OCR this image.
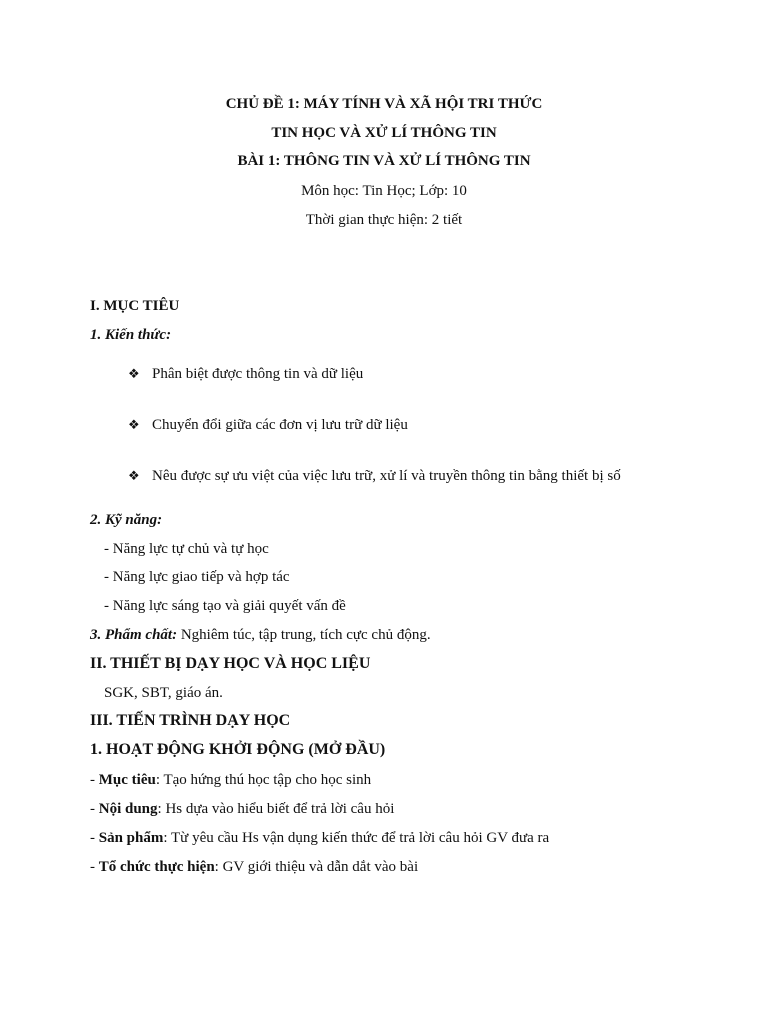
CHỦ ĐỀ 1: MÁY TÍNH VÀ XÃ HỘI TRI THỨC
TIN HỌC VÀ XỬ LÍ THÔNG TIN
BÀI 1: THÔNG TIN VÀ XỬ LÍ THÔNG TIN
Môn học: Tin Học; Lớp: 10
Thời gian thực hiện: 2 tiết
I. MỤC TIÊU
1. Kiến thức:
❖ Phân biệt được thông tin và dữ liệu
❖ Chuyển đổi giữa các đơn vị lưu trữ dữ liệu
❖ Nêu được sự ưu việt của việc lưu trữ, xử lí và truyền thông tin bằng thiết bị số
2. Kỹ năng:
- Năng lực tự chủ và tự học
- Năng lực giao tiếp và hợp tác
- Năng lực sáng tạo và giải quyết vấn đề
3. Phẩm chất: Nghiêm túc, tập trung, tích cực chủ động.
II. THIẾT BỊ DẠY HỌC VÀ HỌC LIỆU
SGK, SBT, giáo án.
III. TIẾN TRÌNH DẠY HỌC
1. HOẠT ĐỘNG KHỞI ĐỘNG (MỞ ĐẦU)
- Mục tiêu: Tạo hứng thú học tập cho học sinh
- Nội dung: Hs dựa vào hiểu biết để trả lời câu hỏi
- Sản phẩm: Từ yêu cầu Hs vận dụng kiến thức để trả lời câu hỏi GV đưa ra
- Tổ chức thực hiện: GV giới thiệu và dẫn dắt vào bài
